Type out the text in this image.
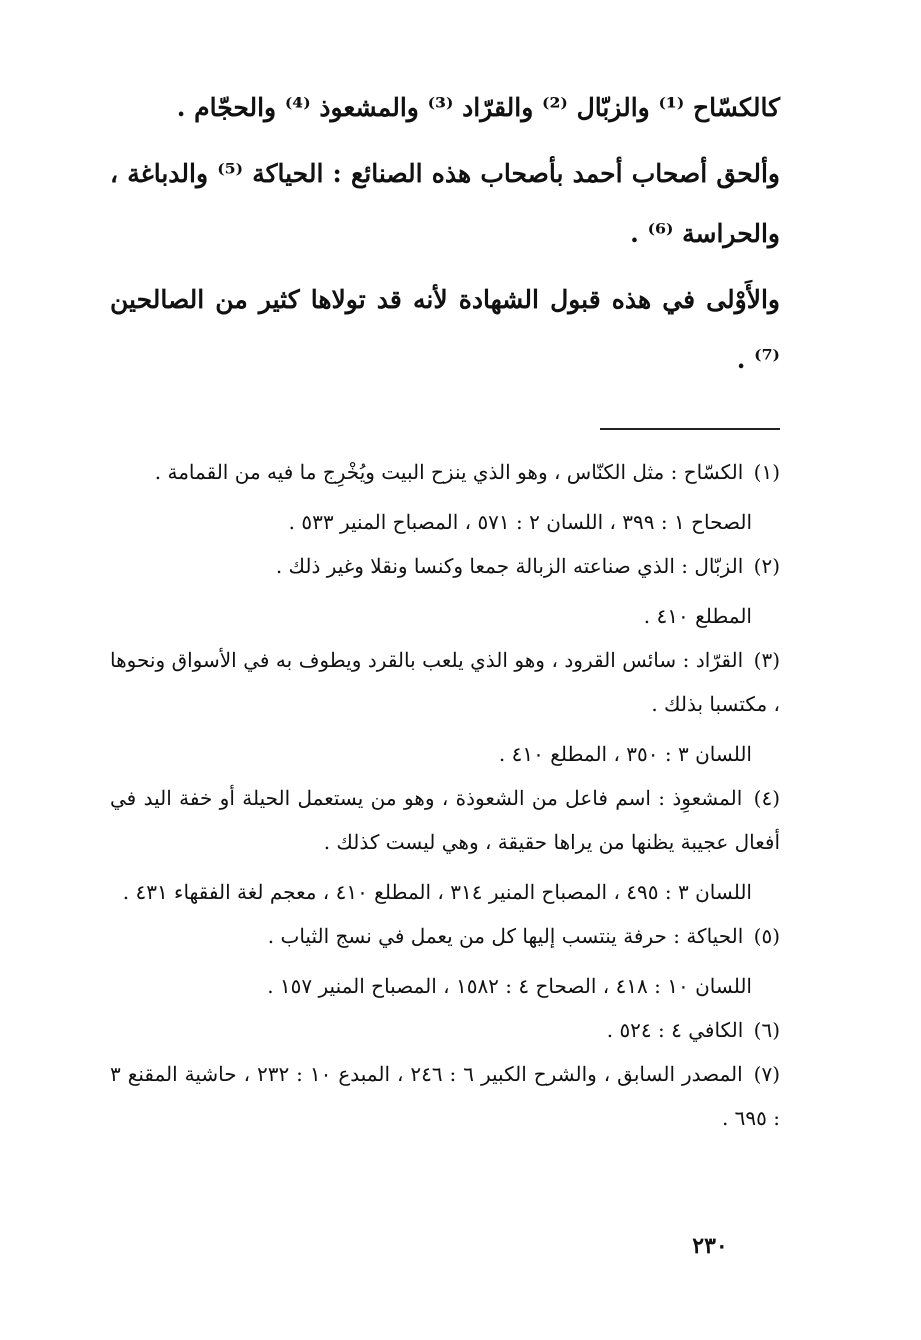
كالكسّاح ⁽¹⁾ والزبّال ⁽²⁾ والقرّاد ⁽³⁾ والمشعوذ ⁽⁴⁾ والحجّام .

وألحق أصحاب أحمد بأصحاب هذه الصنائع : الحياكة ⁽⁵⁾ والدباغة ، والحراسة ⁽⁶⁾ .

والأَوْلى في هذه قبول الشهادة لأنه قد تولاها كثير من الصالحين ⁽⁷⁾ .

(١) الكسّاح : مثل الكنّاس ، وهو الذي ينزح البيت ويُخْرِج ما فيه من القمامة .

الصحاح ١ : ٣٩٩ ، اللسان ٢ : ٥٧١ ، المصباح المنير ٥٣٣ .

(٢) الزبّال : الذي صناعته الزبالة جمعا وكنسا ونقلا وغير ذلك .

المطلع ٤١٠ .

(٣) القرّاد : سائس القرود ، وهو الذي يلعب بالقرد ويطوف به في الأسواق ونحوها ، مكتسبا بذلك .

اللسان ٣ : ٣٥٠ ، المطلع ٤١٠ .

(٤) المشعوِذ : اسم فاعل من الشعوذة ، وهو من يستعمل الحيلة أو خفة اليد في أفعال عجيبة يظنها من يراها حقيقة ، وهي ليست كذلك .

اللسان ٣ : ٤٩٥ ، المصباح المنير ٣١٤ ، المطلع ٤١٠ ، معجم لغة الفقهاء ٤٣١ .

(٥) الحياكة : حرفة ينتسب إليها كل من يعمل في نسج الثياب .

اللسان ١٠ : ٤١٨ ، الصحاح ٤ : ١٥٨٢ ، المصباح المنير ١٥٧ .

(٦) الكافي ٤ : ٥٢٤ .

(٧) المصدر السابق ، والشرح الكبير ٦ : ٢٤٦ ، المبدع ١٠ : ٢٣٢ ، حاشية المقنع ٣ : ٦٩٥ .

٢٣٠
